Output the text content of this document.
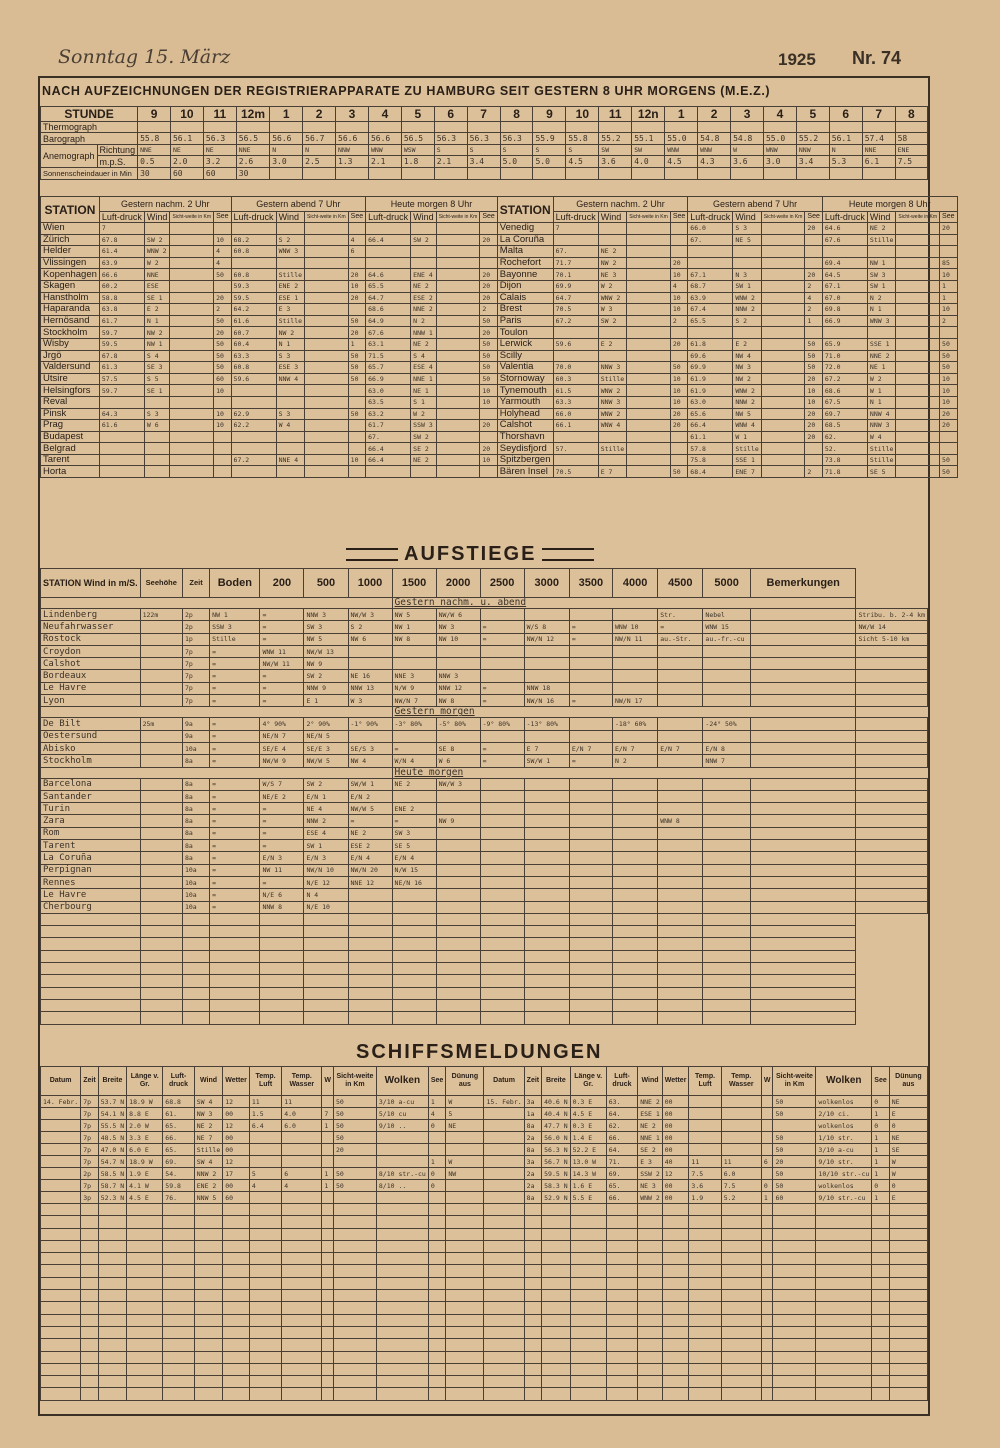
Sonntag 15. März	1925 Nr. 74
NACH AUFZEICHNUNGEN DER REGISTRIERAPPARATE ZU HAMBURG SEIT GESTERN 8 UHR MORGENS (M.E.Z.)
STUNDE		9	10	11	12m	1	2	3	4	5	6	7	8	9	10	11	12n	1	2	3	4	5	6	7	8
Thermograph																									
Barograph		55.8	56.1	56.3	56.5	56.6	56.7	56.6	56.6	56.5	56.3	56.3	56.3	55.9	55.8	55.2	55.1	55.0	54.8	54.8	55.0	55.2	56.1	57.4	58
Anemograph	Richtung	NNE	NE	NE	NNE	N	N	NNW	WNW	WSW	S	S	S	S	S	SW	SW	WNW	WNW	W	WNW	NNW	N	NNE	ENE
	m.p.S.	0.5	2.0	3.2	2.6	3.0	2.5	1.3	2.1	1.8	2.1	3.4	5.0	5.0	4.5	3.6	4.0	4.5	4.3	3.6	3.0	3.4	5.3	6.1	7.5
Sonnenscheindauer in Min		30	60	60	30																				
STATION	Gestern nachm. 2 Uhr				Gestern abend 7 Uhr				Heute morgen 8 Uhr				STATION	Gestern nachm. 2 Uhr				Gestern abend 7 Uhr				Heute morgen 8 Uhr			
	Luft-druck	Wind	Sicht-weite in Km	See	Luft-druck	Wind	Sicht-weite in Km	See	Luft-druck	Wind	Sicht-weite in Km	See		Luft-druck	Wind	Sicht-weite in Km	See	Luft-druck	Wind	Sicht-weite in Km	See	Luft-druck	Wind	Sicht-weite in Km	See
Wien	7												Venedig	7				66.0	S 3		20	64.6	NE 2		20
Zürich	67.8	SW 2		10	68.2	S 2		4	66.4	SW 2		20	La Coruña					67.	NE 5			67.6	Stille		
Helder	61.4	WNW 2		4	60.8	WNW 3		6					Malta	67.	NE 2										
Vlissingen	63.9	W 2		4									Rochefort	71.7	NW 2		20					69.4	NW 1		85
Kopenhagen	66.6	NNE		50	60.8	Stille		20	64.6	ENE 4		20	Bayonne	70.1	NE 3		10	67.1	N 3		20	64.5	SW 3		10
Skagen	60.2	ESE			59.3	ENE 2		10	65.5	NE 2		20	Dijon	69.9	W 2		4	68.7	SW 1		2	67.1	SW 1		1
Hanstholm	58.8	SE 1		20	59.5	ESE 1		20	64.7	ESE 2		20	Calais	64.7	WNW 2		10	63.9	WNW 2		4	67.0	N 2		1
Haparanda	63.8	E 2		2	64.2	E 3			68.6	NNE 2		2	Brest	70.5	W 3		10	67.4	NNW 2		2	69.8	N 1		10
Hernösand	61.7	N 1		50	61.6	Stille		50	64.9	N 2		50	Paris	67.2	SW 2		2	65.5	S 2		1	66.9	WNW 3		2
Stockholm	59.7	NW 2		20	60.7	NW 2		20	67.6	NNW 1		20	Toulon												
Wisby	59.5	NW 1		50	60.4	N 1		1	63.1	NE 2		50	Lerwick	59.6	E 2		20	61.8	E 2		50	65.9	SSE 1		50
Jrgö	67.8	S 4		50	63.3	S 3		50	71.5	S 4		50	Scilly					69.6	NW 4		50	71.0	NNE 2		50
Valdersund	61.3	SE 3		50	60.8	ESE 3		50	65.7	ESE 4		50	Valentia	70.0	NNW 3		50	69.9	NW 3		50	72.0	NE 1		50
Utsire	57.5	S 5		60	59.6	NNW 4		50	66.9	NNE 1		50	Stornoway	60.3	Stille		10	61.9	NW 2		20	67.2	W 2		10
Helsingfors	59.7	SE 1		10					63.0	NE 1		10	Tynemouth	61.5	WNW 2		10	61.9	WNW 2		10	68.6	W 1		10
Reval									63.5	S 1		10	Yarmouth	63.3	NNW 3		10	63.0	NNW 2		10	67.5	N 1		10
Pinsk	64.3	S 3		10	62.9	S 3		50	63.2	W 2			Holyhead	66.0	WNW 2		20	65.6	NW 5		20	69.7	NNW 4		20
Prag	61.6	W 6		10	62.2	W 4			61.7	SSW 3		20	Calshot	66.1	WNW 4		20	66.4	WNW 4		20	68.5	NNW 3		20
Budapest									67.	SW 2			Thorshavn					61.1	W 1		20	62.	W 4		
Belgrad									66.4	SE 2		20	Seydisfjord	57.	Stille			57.8	Stille			52.	Stille		
Tarent					67.2	NNE 4		10	66.4	NE 2		10	Spitzbergen					75.8	SSE 1			73.8	Stille		50
Horta													Bären Insel	70.5	E 7		50	68.4	ENE 7		2	71.8	SE 5		50
AUFSTIEGE
STATION Wind in m/S.	Seehöhe	Zeit	Boden	200	500	1000	1500	2000	2500	3000	3500	4000	4500	5000	Bemerkungen	
							Gestern nachm. u. abend									
Lindenberg	122m	2p	NW 1	=	NNW 3	NW/W 3	NW 5	NW/W 6					Str.	Nebel		Stribu. b. 2-4 km
Neufahrwasser		2p	SSW 3	=	SW 3	S 2	NW 1	NW 3	=	W/S 8	=	WNW 10	=	WNW 15		NW/W 14
Rostock		1p	Stille	=	NW 5	NW 6	NW 8	NW 10	=	NW/N 12	=	NW/N 11	au.-Str.	au.-fr.-cu		Sicht 5-10 km
Croydon		7p	=	WNW 11	NW/W 13											
Calshot		7p	=	NW/W 11	NW 9											
Bordeaux		7p	=	=	SW 2	NE 16	NNE 3	NNW 3								
Le Havre		7p	=	=	NNW 9	NNW 13	N/W 9	NNW 12	=	NNW 18						
Lyon		7p	=	=	E 1	W 3	NW/N 7	NW 8	=	NW/N 16	=	NW/N 17				
							Gestern morgen									
De Bilt	25m	9a	=	4° 90%	2° 90%	-1° 90%	-3° 80%	-5° 80%	-9° 80%	-13° 80%		-18° 60%		-24° 50%		
Oestersund		9a	=	NE/N 7	NE/N 5											
Abisko		10a	=	SE/E 4	SE/E 3	SE/S 3	=	SE 8	=	E 7	E/N 7	E/N 7	E/N 7	E/N 8		
Stockholm		8a	=	NW/W 9	NW/W 5	NW 4	W/N 4	W 6	=	SW/W 1	=	N 2		NNW 7		
							Heute morgen									
Barcelona		8a	=	W/S 7	SW 2	SW/W 1	NE 2	NW/W 3								
Santander		8a	=	NE/E 2	E/N 1	E/N 2										
Turin		8a	=	=	NE 4	NW/W 5	ENE 2									
Zara		8a	=	=	NNW 2	=	=	NW 9					WNW 8			
Rom		8a	=	=	ESE 4	NE 2	SW 3									
Tarent		8a	=	=	SW 1	ESE 2	SE 5									
La Coruña		8a	=	E/N 3	E/N 3	E/N 4	E/N 4									
Perpignan		10a	=	NW 11	NW/N 10	NW/N 20	N/W 15									
Rennes		10a	=	=	N/E 12	NNE 12	NE/N 16									
Le Havre		10a	=	N/E 6	N 4											
Cherbourg		10a	=	NNW 8	N/E 10											

SCHIFFSMELDUNGEN
Datum	Zeit	Breite	Länge v. Gr.	Luft-druck	Wind	Wetter	Temp. Luft	Temp. Wasser	W	Sicht-weite in Km	Wolken	See	Dünung aus	Datum	Zeit	Breite	Länge v. Gr.	Luft-druck	Wind	Wetter	Temp. Luft	Temp. Wasser	W	Sicht-weite in Km	Wolken	See	Dünung aus
14. Febr.	7p	53.7 N	18.9 W	68.8	SW 4	12	11	11		50	3/10 a-cu	1	W	15. Febr.	3a	40.6 N	0.3 E	63.	NNE 2	00				50	wolkenlos	0	NE
	7p	54.1 N	8.8 E	61.	NW 3	00	1.5	4.0	7	50	5/10 cu	4	5		1a	40.4 N	4.5 E	64.	ESE 1	00				50	2/10 ci.	1	E
	7p	55.5 N	2.0 W	65.	NE 2	12	6.4	6.0	1	50	9/10 ..	0	NE		8a	47.7 N	0.3 E	62.	NE 2	00					wolkenlos	0	0
	7p	48.5 N	3.3 E	66.	NE 7	00				50					2a	56.0 N	1.4 E	66.	NNE 1	00				50	1/10 str.	1	NE
	7p	47.0 N	6.0 E	65.	Stille	00				20					8a	56.3 N	52.2 E	64.	SE 2	00				50	3/10 a-cu	1	SE
	7p	54.7 N	18.9 W	69.	SW 4	12						1	W		3a	56.7 N	13.0 W	71.	E 3	40	11	11	6	20	9/10 str.	1	W
	2p	58.5 N	1.9 E	54.	NNW 2	17	5	6	1	50	8/10 str.-cu	0	NW		2a	59.5 N	14.3 W	69.	SSW 2	12	7.5	6.0		50	10/10 str.-cu	1	W
	7p	58.7 N	4.1 W	59.8	ENE 2	00	4	4	1	50	8/10 ..	0			2a	58.3 N	1.6 E	65.	NE 3	00	3.6	7.5	0	50	wolkenlos	0	0
	3p	52.3 N	4.5 E	76.	NNW 5	60									8a	52.9 N	5.5 E	66.	WNW 2	00	1.9	5.2	1	60	9/10 str.-cu	1	E
